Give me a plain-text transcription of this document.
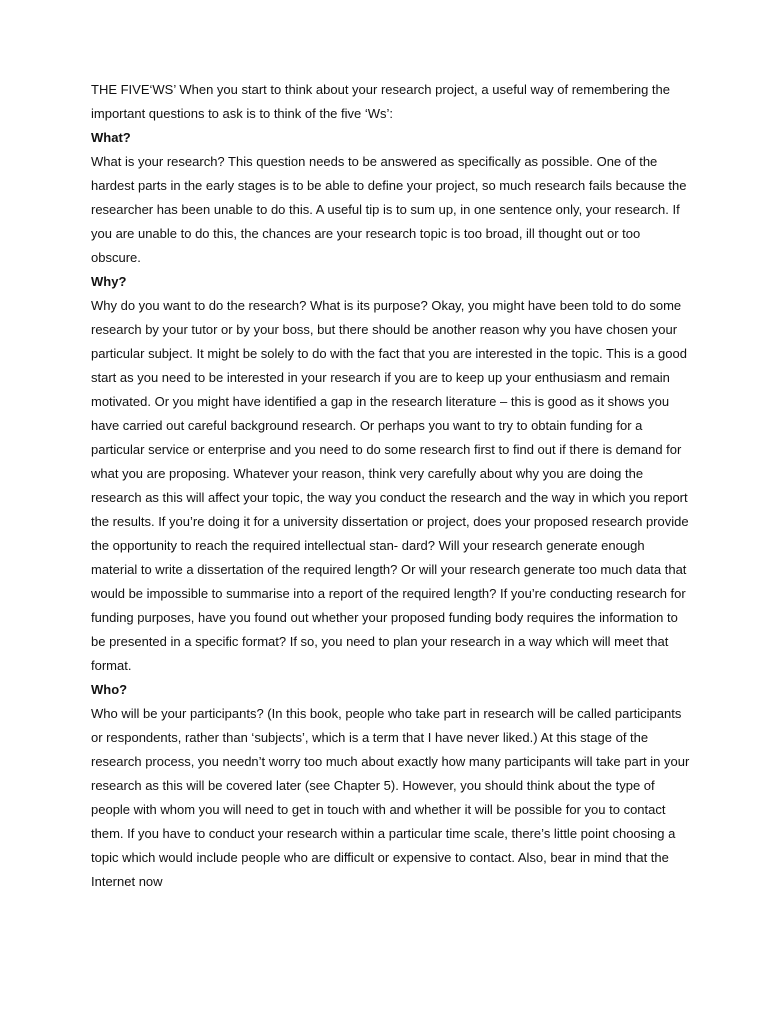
THE FIVE‘WS’ When you start to think about your research project, a useful way of remembering the important questions to ask is to think of the five ‘Ws’:

What?

What is your research? This question needs to be answered as specifically as possible. One of the hardest parts in the early stages is to be able to define your project, so much research fails because the researcher has been unable to do this. A useful tip is to sum up, in one sentence only, your research. If you are unable to do this, the chances are your research topic is too broad, ill thought out or too obscure.

Why?

Why do you want to do the research? What is its purpose? Okay, you might have been told to do some research by your tutor or by your boss, but there should be another reason why you have chosen your particular subject. It might be solely to do with the fact that you are interested in the topic. This is a good start as you need to be interested in your research if you are to keep up your enthusiasm and remain motivated. Or you might have identified a gap in the research literature – this is good as it shows you have carried out careful background research. Or perhaps you want to try to obtain funding for a particular service or enterprise and you need to do some research first to find out if there is demand for what you are proposing. Whatever your reason, think very carefully about why you are doing the research as this will affect your topic, the way you conduct the research and the way in which you report the results. If you’re doing it for a university dissertation or project, does your proposed research provide the opportunity to reach the required intellectual stan- dard? Will your research generate enough material to write a dissertation of the required length? Or will your research generate too much data that would be impossible to summarise into a report of the required length? If you’re conducting research for funding purposes, have you found out whether your proposed funding body requires the information to be presented in a specific format? If so, you need to plan your research in a way which will meet that format.

Who?

Who will be your participants? (In this book, people who take part in research will be called participants or respondents, rather than ‘subjects’, which is a term that I have never liked.) At this stage of the research process, you needn’t worry too much about exactly how many participants will take part in your research as this will be covered later (see Chapter 5). However, you should think about the type of people with whom you will need to get in touch with and whether it will be possible for you to contact them. If you have to conduct your research within a particular time scale, there’s little point choosing a topic which would include people who are difficult or expensive to contact. Also, bear in mind that the Internet now
